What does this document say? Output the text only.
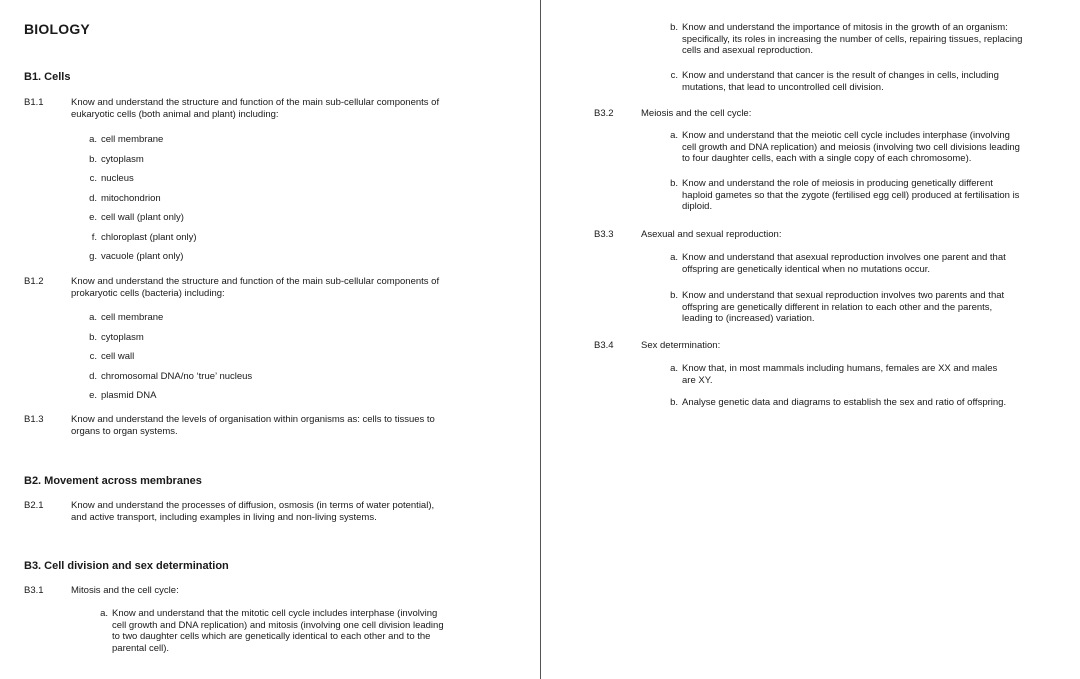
BIOLOGY
B1. Cells
B1.1	Know and understand the structure and function of the main sub-cellular components of
eukaryotic cells (both animal and plant) including:
a. cell membrane
b. cytoplasm
c. nucleus
d. mitochondrion
e. cell wall (plant only)
f. chloroplast (plant only)
g. vacuole (plant only)
B1.2	Know and understand the structure and function of the main sub-cellular components of
prokaryotic cells (bacteria) including:
a. cell membrane
b. cytoplasm
c. cell wall
d. chromosomal DNA/no ‘true’ nucleus
e. plasmid DNA
B1.3	Know and understand the levels of organisation within organisms as: cells to tissues to
organs to organ systems.
B2. Movement across membranes
B2.1	Know and understand the processes of diffusion, osmosis (in terms of water potential),
and active transport, including examples in living and non-living systems.
B3. Cell division and sex determination
B3.1	Mitosis and the cell cycle:
a. Know and understand that the mitotic cell cycle includes interphase (involving
cell growth and DNA replication) and mitosis (involving one cell division leading
to two daughter cells which are genetically identical to each other and to the
parental cell).
b. Know and understand the importance of mitosis in the growth of an organism:
specifically, its roles in increasing the number of cells, repairing tissues, replacing
cells and asexual reproduction.
c. Know and understand that cancer is the result of changes in cells, including
mutations, that lead to uncontrolled cell division.
B3.2	Meiosis and the cell cycle:
a. Know and understand that the meiotic cell cycle includes interphase (involving
cell growth and DNA replication) and meiosis (involving two cell divisions leading
to four daughter cells, each with a single copy of each chromosome).
b. Know and understand the role of meiosis in producing genetically different
haploid gametes so that the zygote (fertilised egg cell) produced at fertilisation is
diploid.
B3.3	Asexual and sexual reproduction:
a. Know and understand that asexual reproduction involves one parent and that
offspring are genetically identical when no mutations occur.
b. Know and understand that sexual reproduction involves two parents and that
offspring are genetically different in relation to each other and the parents,
leading to (increased) variation.
B3.4	Sex determination:
a. Know that, in most mammals including humans, females are XX and males
are XY.
b. Analyse genetic data and diagrams to establish the sex and ratio of offspring.
